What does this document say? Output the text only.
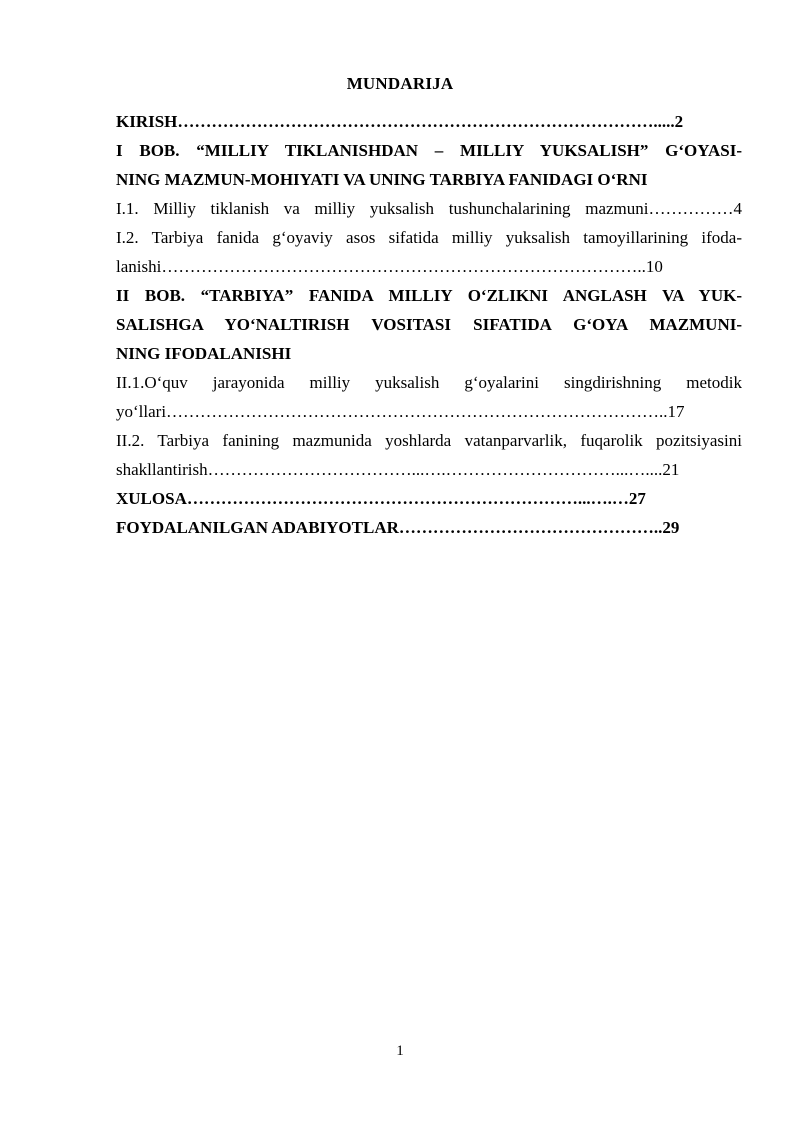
MUNDARIJA
KIRISH………………………………………………………………………….....2
I BOB. “MILLIY TIKLANISHDAN – MILLIY YUKSALISH” G‘OYASI-
NING MAZMUN-MOHIYATI VA UNING TARBIYA FANIDAGI O‘RNI
I.1. Milliy tiklanish va milliy yuksalish tushunchalarining mazmuni……………4
I.2. Tarbiya fanida g‘oyaviy asos sifatida milliy yuksalish tamoyillarining ifoda-
lanishi…………………………………………………………………………..10
II BOB. “TARBIYA” FANIDA MILLIY O‘ZLIKNI ANGLASH VA YUK-
SALISHGA YO‘NALTIRISH VOSITASI SIFATIDA G‘OYA MAZMUNI-
NING IFODALANISHI
II.1.O‘quv jarayonida milliy yuksalish g‘oyalarini singdirishning metodik
yo‘llari……………………………………………………………………………..17
II.2. Tarbiya fanining mazmunida yoshlarda vatanparvarlik, fuqarolik pozitsiyasini
shakllantirish………………………………...….…………………………...…....21
XULOSA……………………………………………………………...….…27
FOYDALANILGAN ADABIYOTLAR………………………………………..29
1
